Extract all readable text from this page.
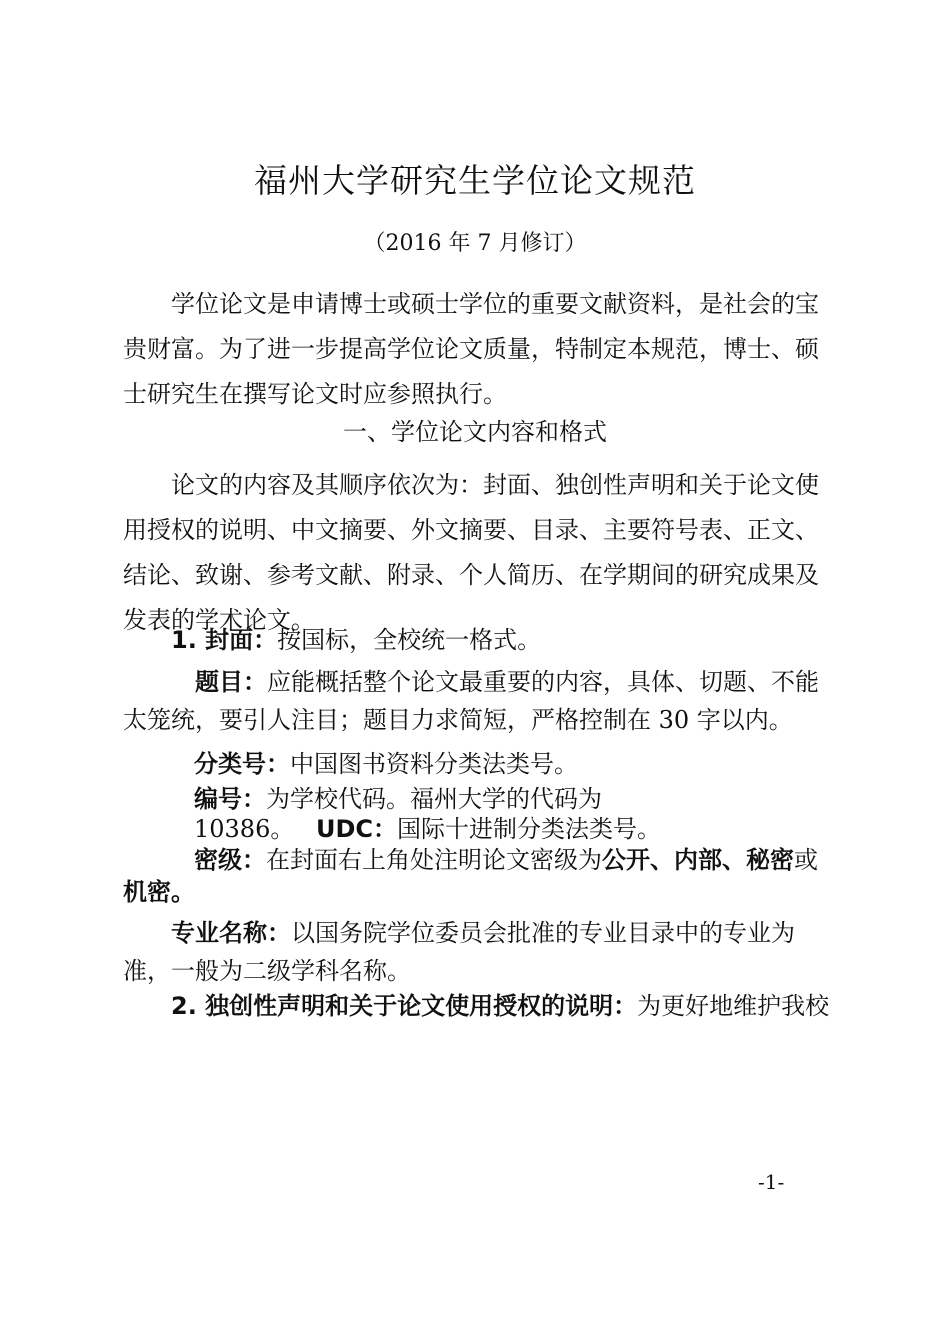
福州大学研究生学位论文规范
（2016 年 7 月修订）

学位论文是申请博士或硕士学位的重要文献资料，是社会的宝贵财富。为了进一步提高学位论文质量，特制定本规范，博士、硕士研究生在撰写论文时应参照执行。

一、学位论文内容和格式

论文的内容及其顺序依次为：封面、独创性声明和关于论文使用授权的说明、中文摘要、外文摘要、目录、主要符号表、正文、结论、致谢、参考文献、附录、个人简历、在学期间的研究成果及发表的学术论文。

1. 封面：按国标，全校统一格式。

题目：应能概括整个论文最重要的内容，具体、切题、不能太笼统，要引人注目；题目力求简短，严格控制在 30 字以内。

分类号：中国图书资料分类法类号。
编号：为学校代码。福州大学的代码为
10386。 UDC：国际十进制分类法类号。
密级：在封面右上角处注明论文密级为公开、内部、秘密或
机密。

专业名称：以国务院学位委员会批准的专业目录中的专业为准，一般为二级学科名称。

2. 独创性声明和关于论文使用授权的说明：为更好地维护我校
-1-
